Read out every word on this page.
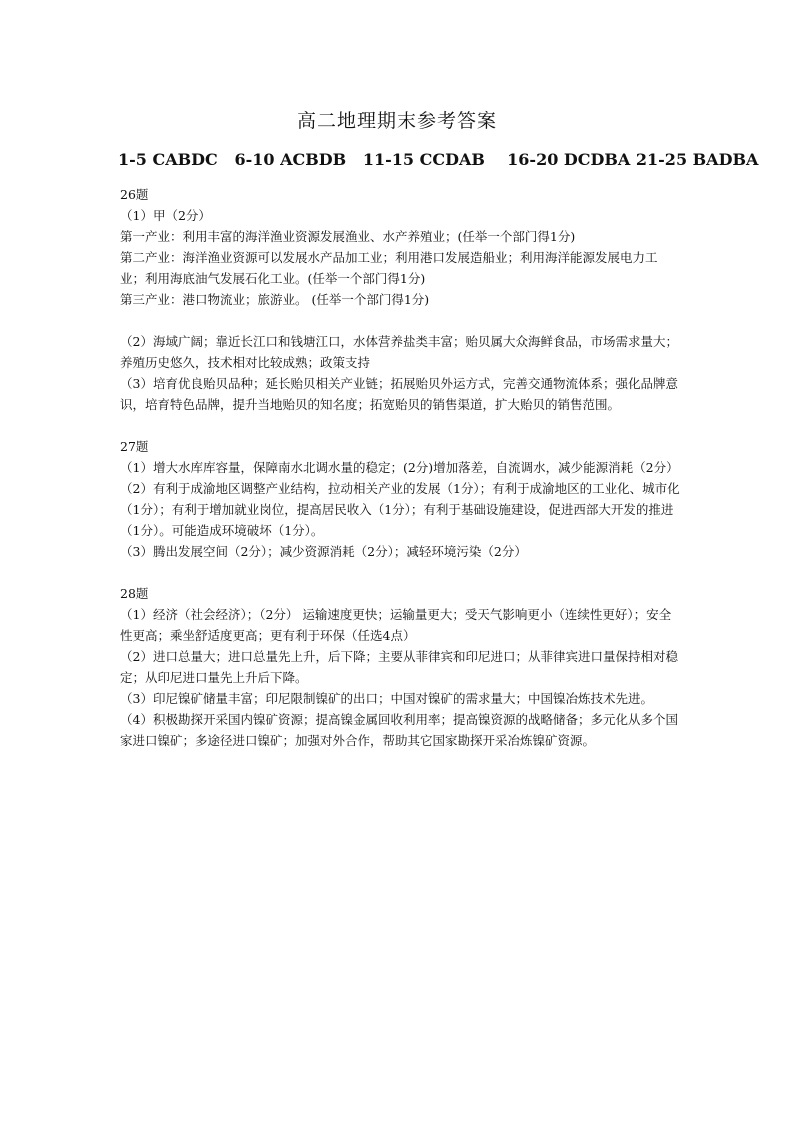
高二地理期末参考答案
1-5 CABDC   6-10 ACBDB   11-15 CCDAB    16-20 DCDBA 21-25 BADBA
26题
（1）甲（2分）
第一产业：利用丰富的海洋渔业资源发展渔业、水产养殖业；(任举一个部门得1分)
第二产业：海洋渔业资源可以发展水产品加工业；利用港口发展造船业；利用海洋能源发展电力工业；利用海底油气发展石化工业。(任举一个部门得1分)
第三产业：港口物流业；旅游业。 (任举一个部门得1分)
（2）海域广阔；靠近长江口和钱塘江口，水体营养盐类丰富；贻贝属大众海鲜食品，市场需求量大；养殖历史悠久，技术相对比较成熟；政策支持
（3）培育优良贻贝品种；延长贻贝相关产业链；拓展贻贝外运方式，完善交通物流体系；强化品牌意识，培育特色品牌，提升当地贻贝的知名度；拓宽贻贝的销售渠道，扩大贻贝的销售范围。
27题
（1）增大水库库容量，保障南水北调水量的稳定；(2分)增加落差，自流调水，减少能源消耗（2分）
（2）有利于成渝地区调整产业结构，拉动相关产业的发展（1分）；有利于成渝地区的工业化、城市化（1分）；有利于增加就业岗位，提高居民收入（1分）；有利于基础设施建设，促进西部大开发的推进（1分）。可能造成环境破坏（1分）。
（3）腾出发展空间（2分）；减少资源消耗（2分）；减轻环境污染（2分）
28题
（1）经济（社会经济）；（2分） 运输速度更快；运输量更大；受天气影响更小（连续性更好）；安全性更高；乘坐舒适度更高；更有利于环保（任选4点）
（2）进口总量大；进口总量先上升，后下降；主要从菲律宾和印尼进口；从菲律宾进口量保持相对稳定；从印尼进口量先上升后下降。
（3）印尼镍矿储量丰富；印尼限制镍矿的出口；中国对镍矿的需求量大；中国镍冶炼技术先进。
（4）积极勘探开采国内镍矿资源；提高镍金属回收利用率；提高镍资源的战略储备；多元化从多个国家进口镍矿；多途径进口镍矿；加强对外合作，帮助其它国家勘探开采冶炼镍矿资源。
